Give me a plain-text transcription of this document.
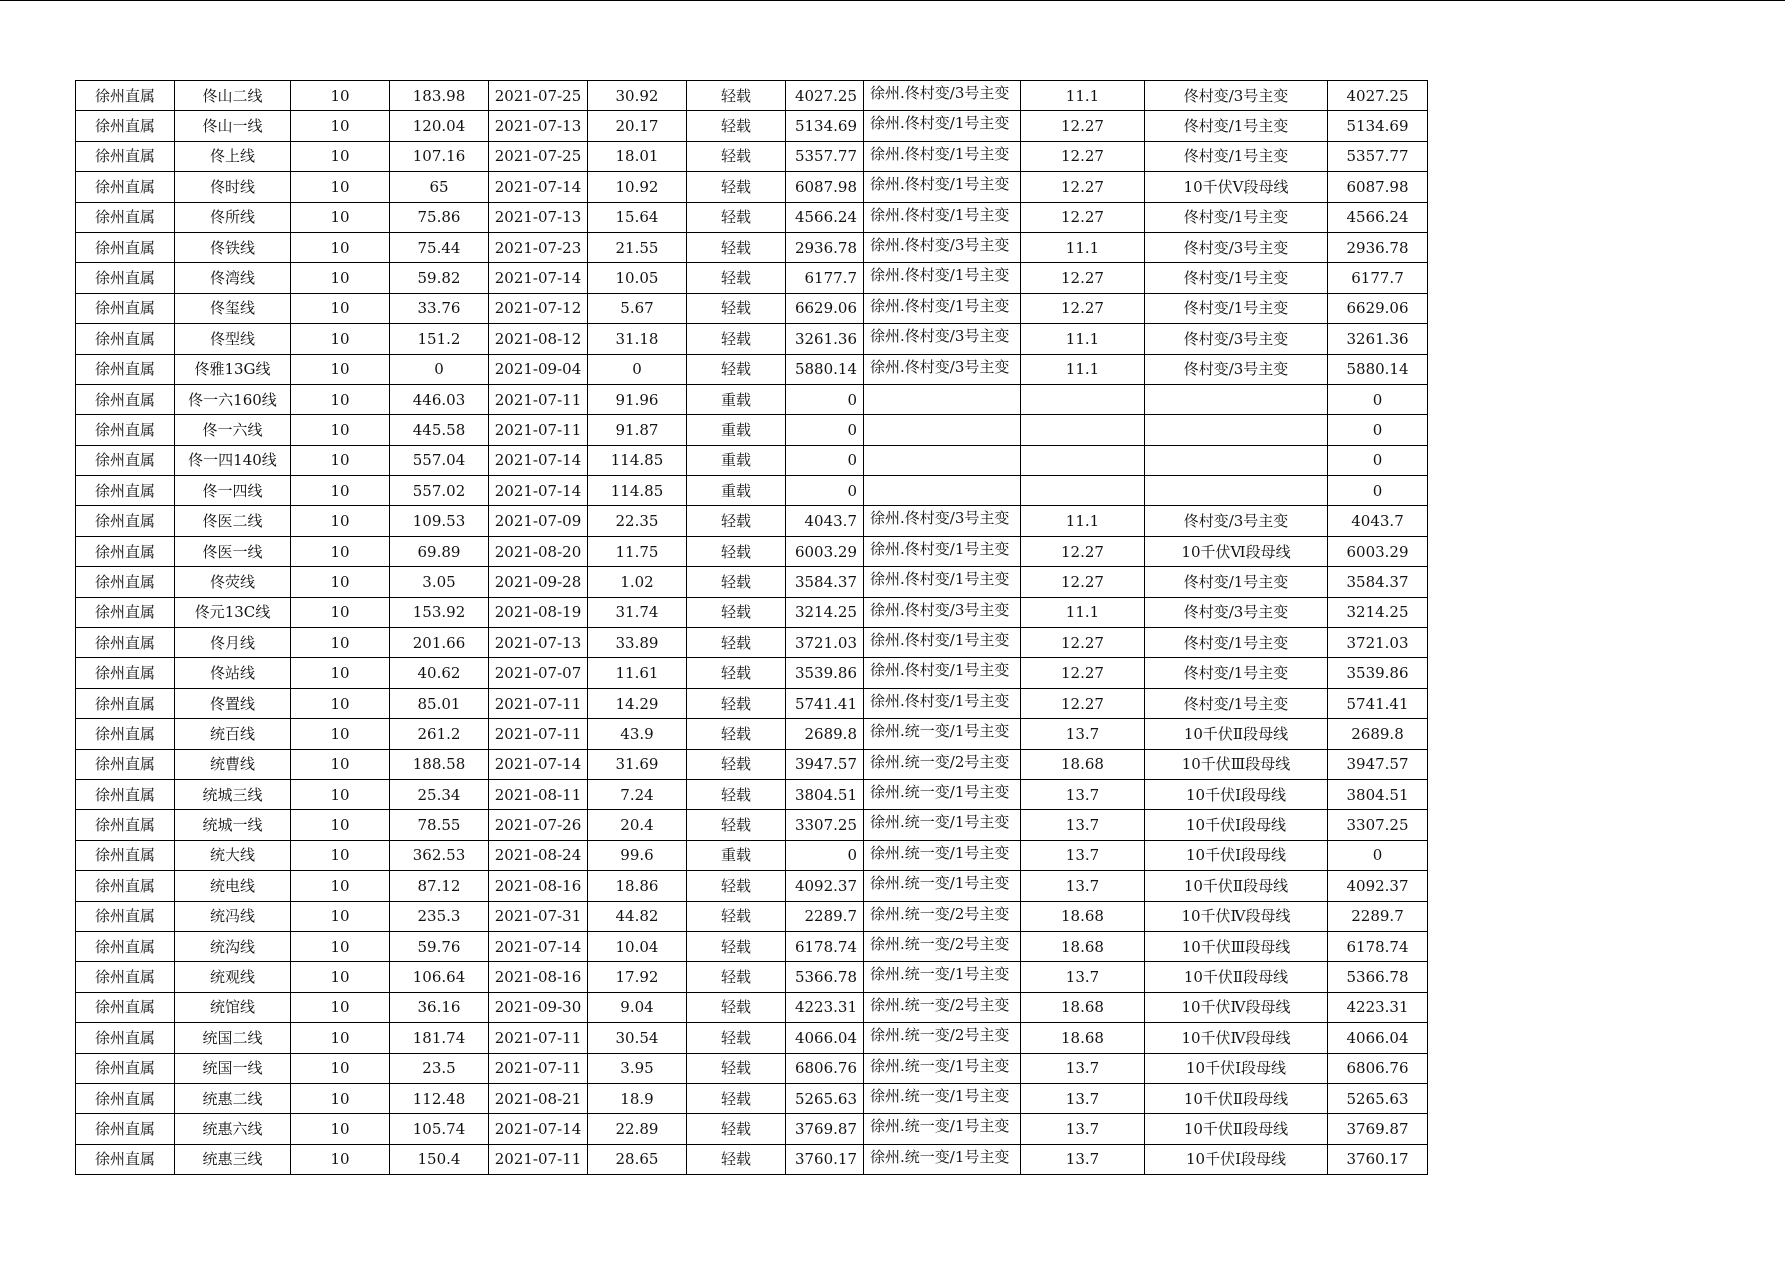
徐州直属	佟山二线	10	183.98	2021-07-25	30.92	轻载	4027.25	徐州.佟村变/3号主变	11.1	佟村变/3号主变	4027.25
徐州直属	佟山一线	10	120.04	2021-07-13	20.17	轻载	5134.69	徐州.佟村变/1号主变	12.27	佟村变/1号主变	5134.69
徐州直属	佟上线	10	107.16	2021-07-25	18.01	轻载	5357.77	徐州.佟村变/1号主变	12.27	佟村变/1号主变	5357.77
徐州直属	佟时线	10	65	2021-07-14	10.92	轻载	6087.98	徐州.佟村变/1号主变	12.27	10千伏Ⅴ段母线	6087.98
徐州直属	佟所线	10	75.86	2021-07-13	15.64	轻载	4566.24	徐州.佟村变/1号主变	12.27	佟村变/1号主变	4566.24
徐州直属	佟铁线	10	75.44	2021-07-23	21.55	轻载	2936.78	徐州.佟村变/3号主变	11.1	佟村变/3号主变	2936.78
徐州直属	佟湾线	10	59.82	2021-07-14	10.05	轻载	6177.7	徐州.佟村变/1号主变	12.27	佟村变/1号主变	6177.7
徐州直属	佟玺线	10	33.76	2021-07-12	5.67	轻载	6629.06	徐州.佟村变/1号主变	12.27	佟村变/1号主变	6629.06
徐州直属	佟型线	10	151.2	2021-08-12	31.18	轻载	3261.36	徐州.佟村变/3号主变	11.1	佟村变/3号主变	3261.36
徐州直属	佟雅13G线	10	0	2021-09-04	0	轻载	5880.14	徐州.佟村变/3号主变	11.1	佟村变/3号主变	5880.14
徐州直属	佟一六160线	10	446.03	2021-07-11	91.96	重载	0				0
徐州直属	佟一六线	10	445.58	2021-07-11	91.87	重载	0				0
徐州直属	佟一四140线	10	557.04	2021-07-14	114.85	重载	0				0
徐州直属	佟一四线	10	557.02	2021-07-14	114.85	重载	0				0
徐州直属	佟医二线	10	109.53	2021-07-09	22.35	轻载	4043.7	徐州.佟村变/3号主变	11.1	佟村变/3号主变	4043.7
徐州直属	佟医一线	10	69.89	2021-08-20	11.75	轻载	6003.29	徐州.佟村变/1号主变	12.27	10千伏Ⅵ段母线	6003.29
徐州直属	佟荧线	10	3.05	2021-09-28	1.02	轻载	3584.37	徐州.佟村变/1号主变	12.27	佟村变/1号主变	3584.37
徐州直属	佟元13C线	10	153.92	2021-08-19	31.74	轻载	3214.25	徐州.佟村变/3号主变	11.1	佟村变/3号主变	3214.25
徐州直属	佟月线	10	201.66	2021-07-13	33.89	轻载	3721.03	徐州.佟村变/1号主变	12.27	佟村变/1号主变	3721.03
徐州直属	佟站线	10	40.62	2021-07-07	11.61	轻载	3539.86	徐州.佟村变/1号主变	12.27	佟村变/1号主变	3539.86
徐州直属	佟置线	10	85.01	2021-07-11	14.29	轻载	5741.41	徐州.佟村变/1号主变	12.27	佟村变/1号主变	5741.41
徐州直属	统百线	10	261.2	2021-07-11	43.9	轻载	2689.8	徐州.统一变/1号主变	13.7	10千伏Ⅱ段母线	2689.8
徐州直属	统曹线	10	188.58	2021-07-14	31.69	轻载	3947.57	徐州.统一变/2号主变	18.68	10千伏Ⅲ段母线	3947.57
徐州直属	统城三线	10	25.34	2021-08-11	7.24	轻载	3804.51	徐州.统一变/1号主变	13.7	10千伏Ⅰ段母线	3804.51
徐州直属	统城一线	10	78.55	2021-07-26	20.4	轻载	3307.25	徐州.统一变/1号主变	13.7	10千伏Ⅰ段母线	3307.25
徐州直属	统大线	10	362.53	2021-08-24	99.6	重载	0	徐州.统一变/1号主变	13.7	10千伏Ⅰ段母线	0
徐州直属	统电线	10	87.12	2021-08-16	18.86	轻载	4092.37	徐州.统一变/1号主变	13.7	10千伏Ⅱ段母线	4092.37
徐州直属	统冯线	10	235.3	2021-07-31	44.82	轻载	2289.7	徐州.统一变/2号主变	18.68	10千伏Ⅳ段母线	2289.7
徐州直属	统沟线	10	59.76	2021-07-14	10.04	轻载	6178.74	徐州.统一变/2号主变	18.68	10千伏Ⅲ段母线	6178.74
徐州直属	统观线	10	106.64	2021-08-16	17.92	轻载	5366.78	徐州.统一变/1号主变	13.7	10千伏Ⅱ段母线	5366.78
徐州直属	统馆线	10	36.16	2021-09-30	9.04	轻载	4223.31	徐州.统一变/2号主变	18.68	10千伏Ⅳ段母线	4223.31
徐州直属	统国二线	10	181.74	2021-07-11	30.54	轻载	4066.04	徐州.统一变/2号主变	18.68	10千伏Ⅳ段母线	4066.04
徐州直属	统国一线	10	23.5	2021-07-11	3.95	轻载	6806.76	徐州.统一变/1号主变	13.7	10千伏Ⅰ段母线	6806.76
徐州直属	统惠二线	10	112.48	2021-08-21	18.9	轻载	5265.63	徐州.统一变/1号主变	13.7	10千伏Ⅱ段母线	5265.63
徐州直属	统惠六线	10	105.74	2021-07-14	22.89	轻载	3769.87	徐州.统一变/1号主变	13.7	10千伏Ⅱ段母线	3769.87
徐州直属	统惠三线	10	150.4	2021-07-11	28.65	轻载	3760.17	徐州.统一变/1号主变	13.7	10千伏Ⅰ段母线	3760.17
